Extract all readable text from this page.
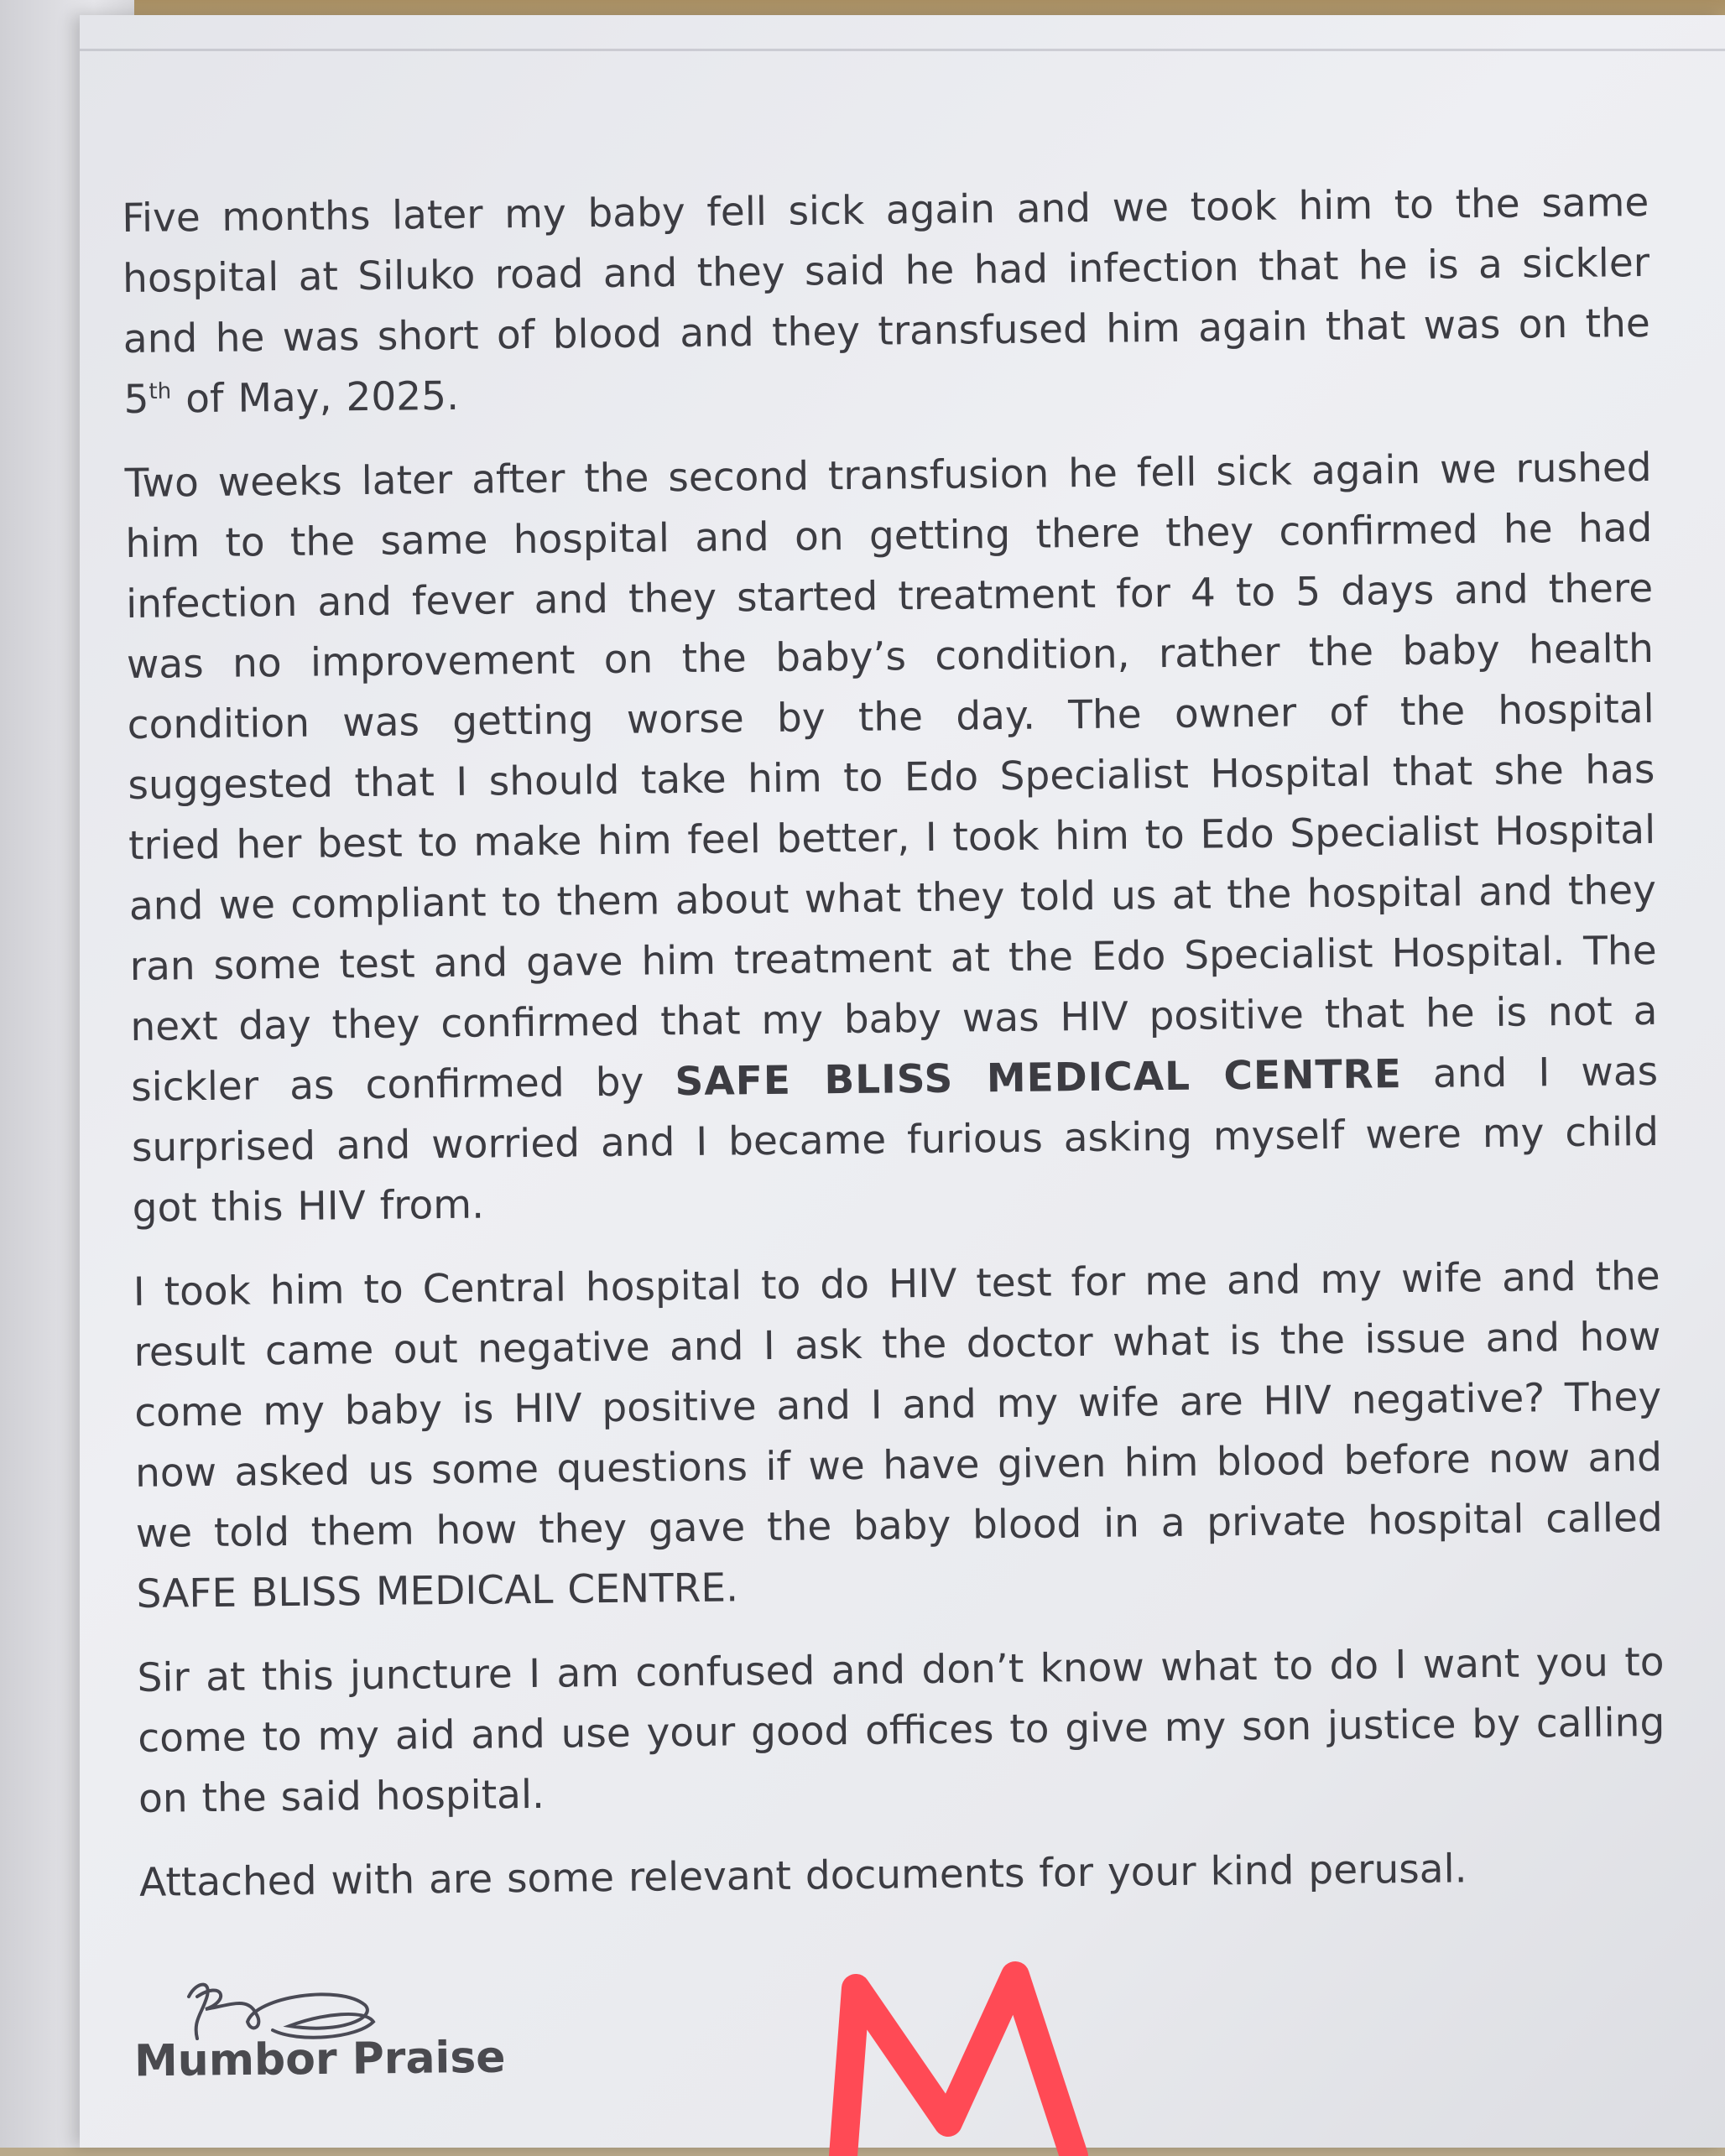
Five months later my baby fell sick again and we took him to the same hospital at Siluko road and they said he had infection that he is a sickler and he was short of blood and they transfused him again that was on the 5th of May, 2025.

Two weeks later after the second transfusion he fell sick again we rushed him to the same hospital and on getting there they confirmed he had infection and fever and they started treatment for 4 to 5 days and there was no improvement on the baby’s condition, rather the baby health condition was getting worse by the day. The owner of the hospital suggested that I should take him to Edo Specialist Hospital that she has tried her best to make him feel better, I took him to Edo Specialist Hospital and we compliant to them about what they told us at the hospital and they ran some test and gave him treatment at the Edo Specialist Hospital. The next day they confirmed that my baby was HIV positive that he is not a sickler as confirmed by SAFE BLISS MEDICAL CENTRE and I was surprised and worried and I became furious asking myself were my child got this HIV from.

I took him to Central hospital to do HIV test for me and my wife and the result came out negative and I ask the doctor what is the issue and how come my baby is HIV positive and I and my wife are HIV negative? They now asked us some questions if we have given him blood before now and we told them how they gave the baby blood in a private hospital called SAFE BLISS MEDICAL CENTRE.

Sir at this juncture I am confused and don’t know what to do I want you to come to my aid and use your good offices to give my son justice by calling on the said hospital.

Attached with are some relevant documents for your kind perusal.

Mumbor Praise
